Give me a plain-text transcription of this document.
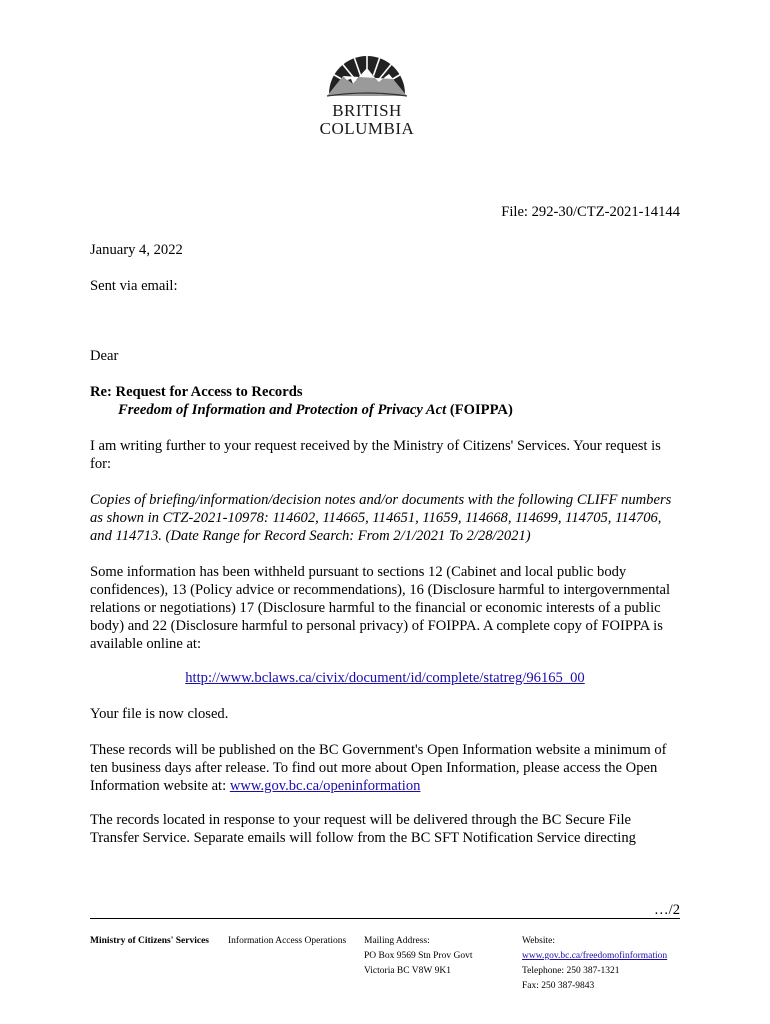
BRITISH
COLUMBIA
File: 292-30/CTZ-2021-14144

January 4, 2022

Sent via email:

Dear

Re: Request for Access to Records

Freedom of Information and Protection of Privacy Act (FOIPPA)

I am writing further to your request received by the Ministry of Citizens' Services. Your request is for:

Copies of briefing/information/decision notes and/or documents with the following CLIFF numbers as shown in CTZ-2021-10978: 114602, 114665, 114651, 11659, 114668, 114699, 114705, 114706, and 114713. (Date Range for Record Search: From 2/1/2021 To 2/28/2021)

Some information has been withheld pursuant to sections 12 (Cabinet and local public body confidences), 13 (Policy advice or recommendations), 16 (Disclosure harmful to intergovernmental relations or negotiations) 17 (Disclosure harmful to the financial or economic interests of a public body) and 22 (Disclosure harmful to personal privacy) of FOIPPA. A complete copy of FOIPPA is available online at:

http://www.bclaws.ca/civix/document/id/complete/statreg/96165_00

Your file is now closed.

These records will be published on the BC Government's Open Information website a minimum of ten business days after release. To find out more about Open Information, please access the Open Information website at: www.gov.bc.ca/openinformation

The records located in response to your request will be delivered through the BC Secure File Transfer Service. Separate emails will follow from the BC SFT Notification Service directing

…/2
Ministry of Citizens' Services Information Access Operations Mailing Address:
PO Box 9569 Stn Prov Govt
Victoria BC V8W 9K1
Website:
www.gov.bc.ca/freedomofinformation
Telephone: 250 387-1321
Fax: 250 387-9843
